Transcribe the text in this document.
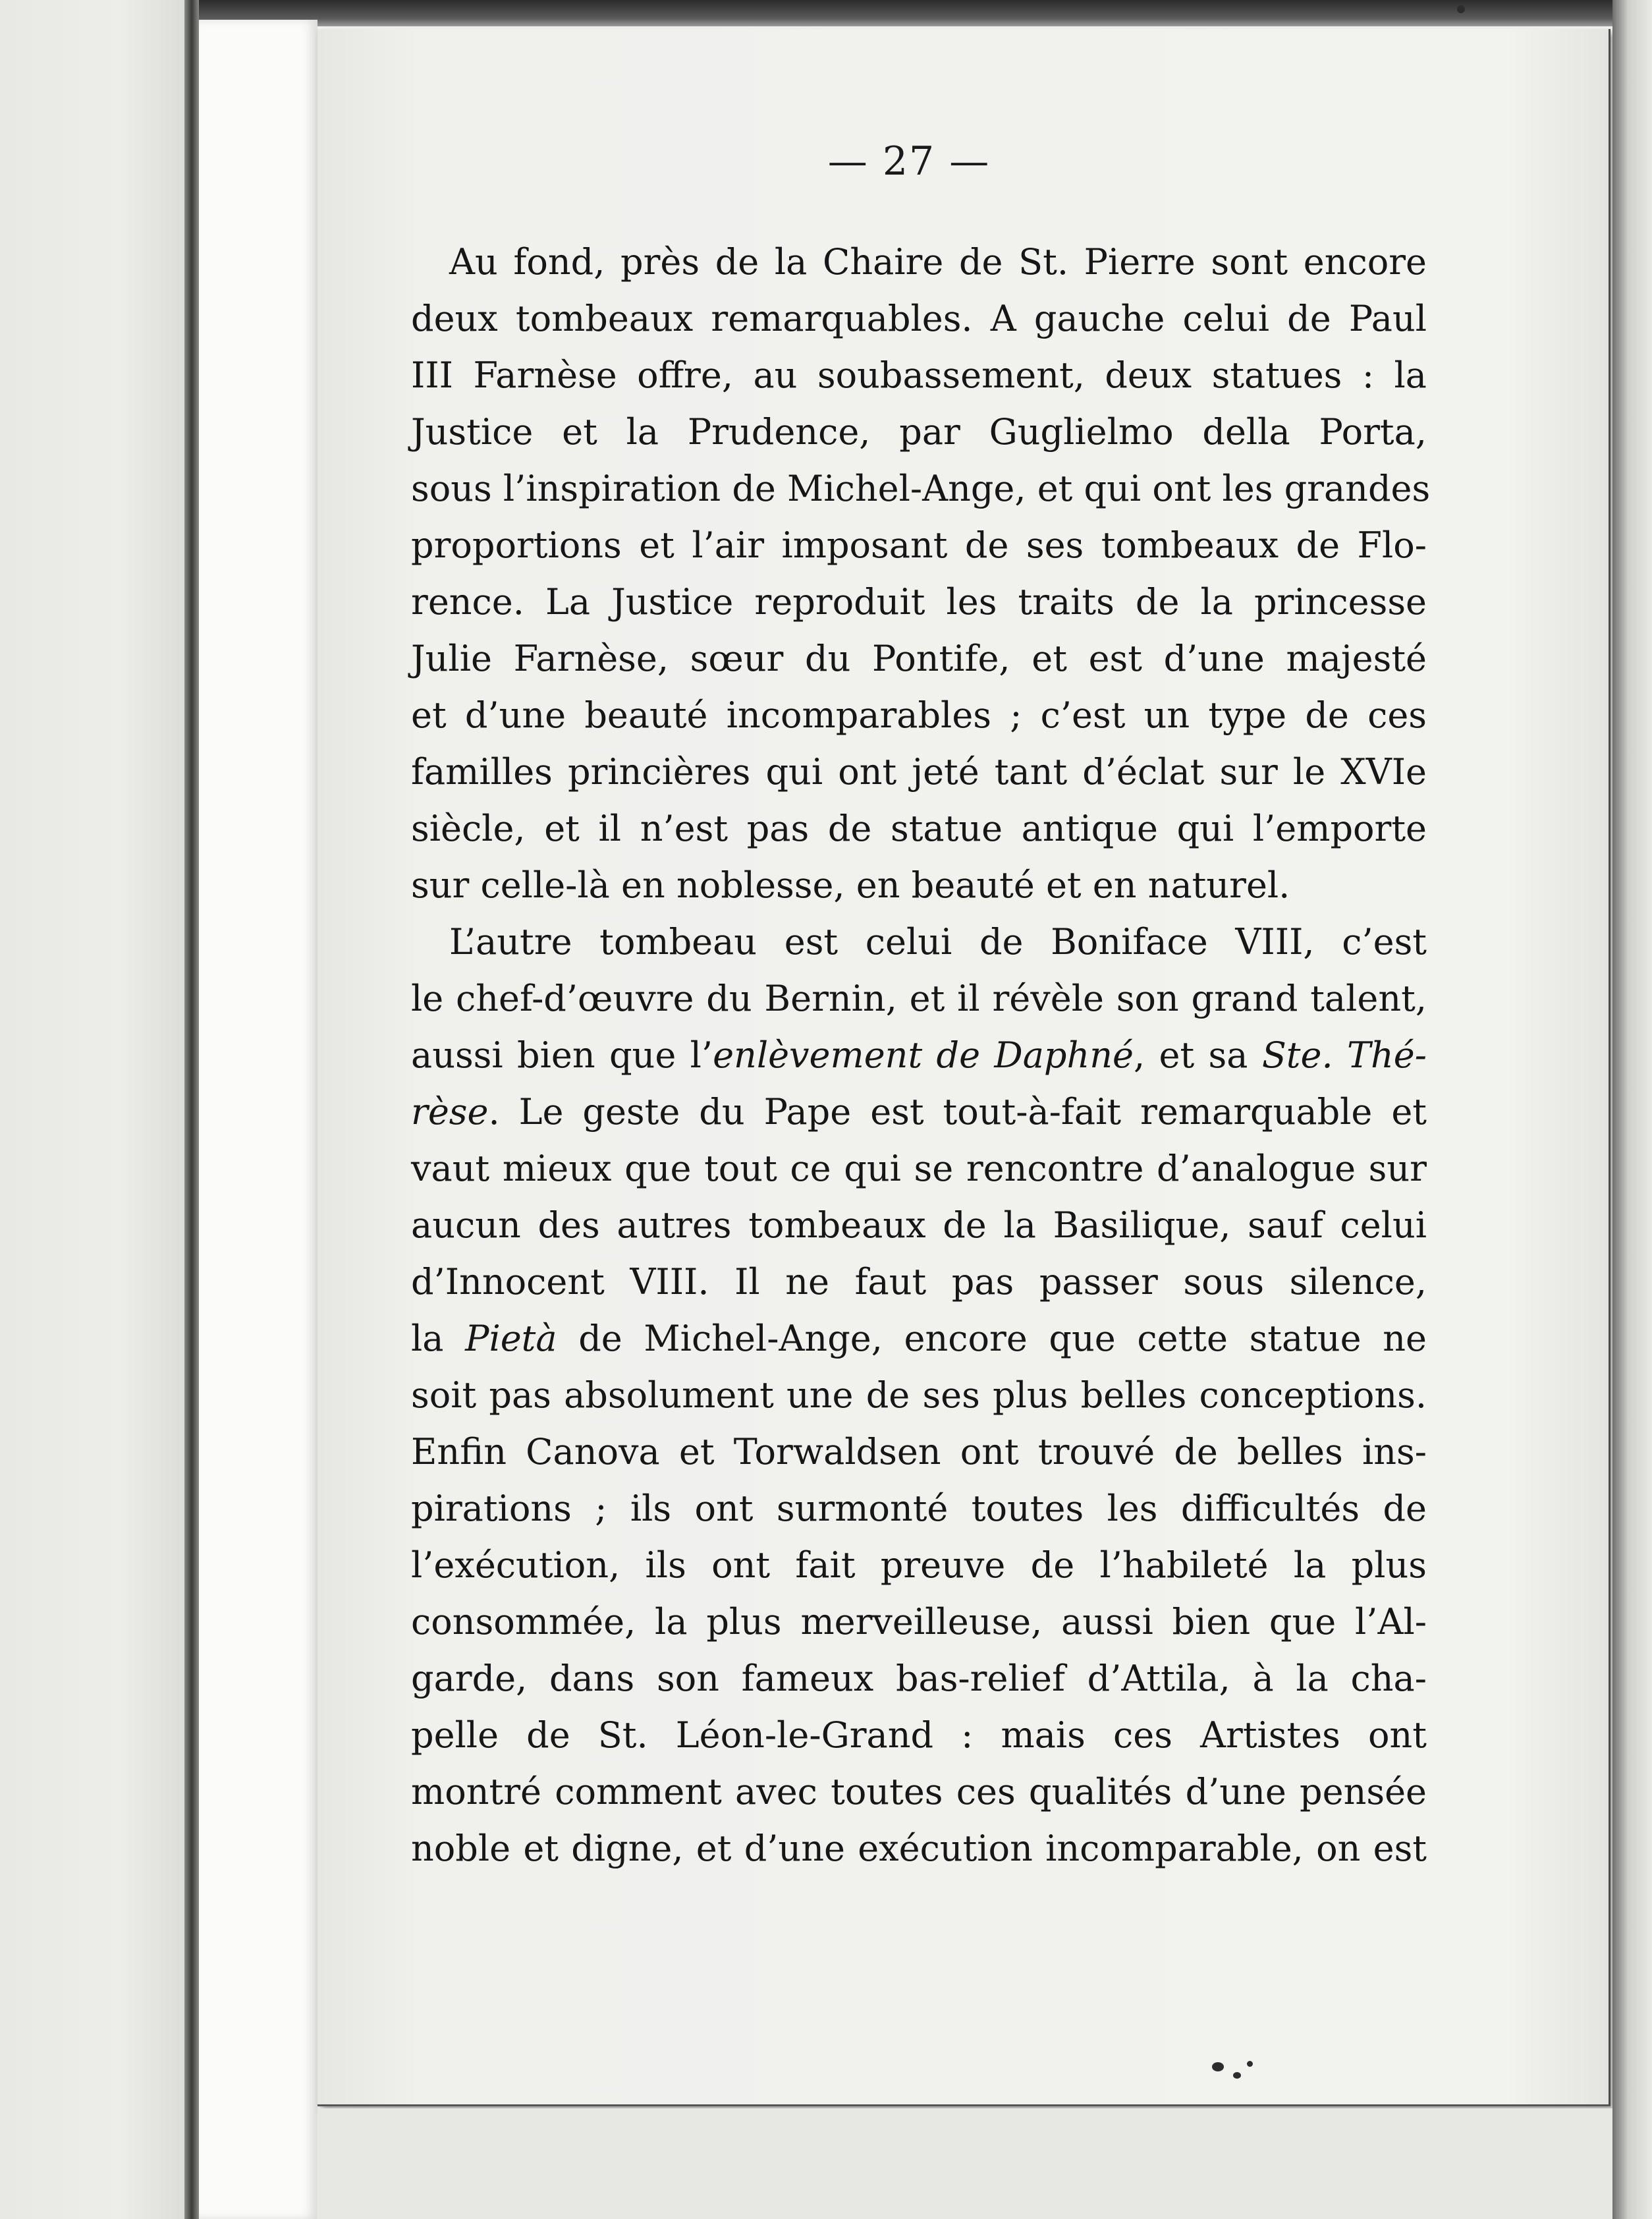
— 27 —
Au fond, près de la Chaire de St. Pierre sont encore
deux tombeaux remarquables. A gauche celui de Paul
III Farnèse offre, au soubassement, deux statues : la
Justice et la Prudence, par Guglielmo della Porta,
sous l’inspiration de Michel-Ange, et qui ont les grandes
proportions et l’air imposant de ses tombeaux de Flo-
rence. La Justice reproduit les traits de la princesse
Julie Farnèse, sœur du Pontife, et est d’une majesté
et d’une beauté incomparables ; c’est un type de ces
familles princières qui ont jeté tant d’éclat sur le XVIe
siècle, et il n’est pas de statue antique qui l’emporte
sur celle-là en noblesse, en beauté et en naturel.
L’autre tombeau est celui de Boniface VIII, c’est
le chef-d’œuvre du Bernin, et il révèle son grand talent,
aussi bien que l’enlèvement de Daphné, et sa Ste. Thé-
rèse. Le geste du Pape est tout-à-fait remarquable et
vaut mieux que tout ce qui se rencontre d’analogue sur
aucun des autres tombeaux de la Basilique, sauf celui
d’Innocent VIII. Il ne faut pas passer sous silence,
la Pietà de Michel-Ange, encore que cette statue ne
soit pas absolument une de ses plus belles conceptions.
Enfin Canova et Torwaldsen ont trouvé de belles ins-
pirations ; ils ont surmonté toutes les difficultés de
l’exécution, ils ont fait preuve de l’habileté la plus
consommée, la plus merveilleuse, aussi bien que l’Al-
garde, dans son fameux bas-relief d’Attila, à la cha-
pelle de St. Léon-le-Grand : mais ces Artistes ont
montré comment avec toutes ces qualités d’une pensée
noble et digne, et d’une exécution incomparable, on est
